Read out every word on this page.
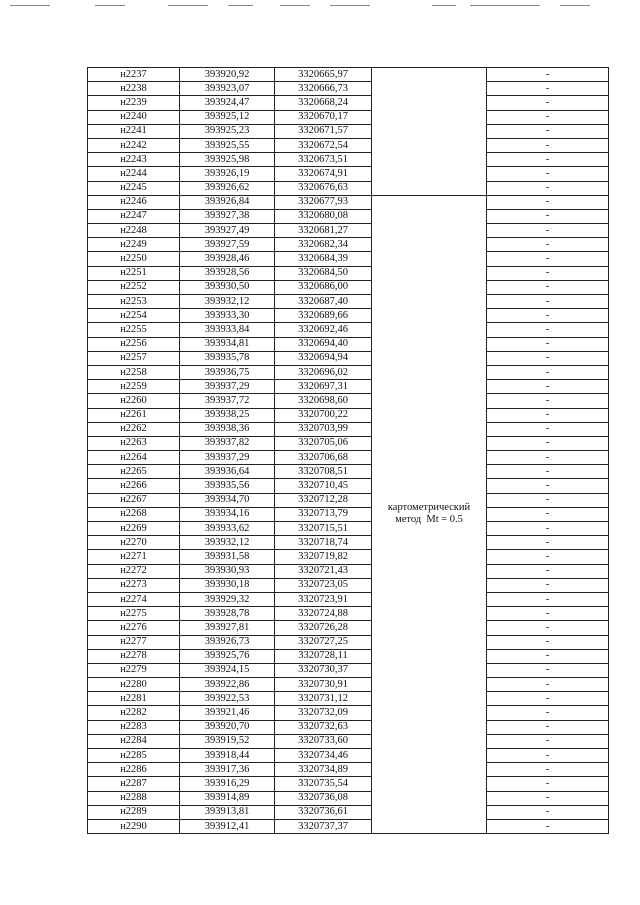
н2237	393920,92	3320665,97		-
н2238	393923,07	3320666,73		-
н2239	393924,47	3320668,24		-
н2240	393925,12	3320670,17		-
н2241	393925,23	3320671,57		-
н2242	393925,55	3320672,54		-
н2243	393925,98	3320673,51		-
н2244	393926,19	3320674,91		-
н2245	393926,62	3320676,63		-
н2246	393926,84	3320677,93	картометрический
метод  Mt = 0.5	-
н2247	393927,38	3320680,08		-
н2248	393927,49	3320681,27		-
н2249	393927,59	3320682,34		-
н2250	393928,46	3320684,39		-
н2251	393928,56	3320684,50		-
н2252	393930,50	3320686,00		-
н2253	393932,12	3320687,40		-
н2254	393933,30	3320689,66		-
н2255	393933,84	3320692,46		-
н2256	393934,81	3320694,40		-
н2257	393935,78	3320694,94		-
н2258	393936,75	3320696,02		-
н2259	393937,29	3320697,31		-
н2260	393937,72	3320698,60		-
н2261	393938,25	3320700,22		-
н2262	393938,36	3320703,99		-
н2263	393937,82	3320705,06		-
н2264	393937,29	3320706,68		-
н2265	393936,64	3320708,51		-
н2266	393935,56	3320710,45		-
н2267	393934,70	3320712,28		-
н2268	393934,16	3320713,79		-
н2269	393933,62	3320715,51		-
н2270	393932,12	3320718,74		-
н2271	393931,58	3320719,82		-
н2272	393930,93	3320721,43		-
н2273	393930,18	3320723,05		-
н2274	393929,32	3320723,91		-
н2275	393928,78	3320724,88		-
н2276	393927,81	3320726,28		-
н2277	393926,73	3320727,25		-
н2278	393925,76	3320728,11		-
н2279	393924,15	3320730,37		-
н2280	393922,86	3320730,91		-
н2281	393922,53	3320731,12		-
н2282	393921,46	3320732,09		-
н2283	393920,70	3320732,63		-
н2284	393919,52	3320733,60		-
н2285	393918,44	3320734,46		-
н2286	393917,36	3320734,89		-
н2287	393916,29	3320735,54		-
н2288	393914,89	3320736,08		-
н2289	393913,81	3320736,61		-
н2290	393912,41	3320737,37		-
